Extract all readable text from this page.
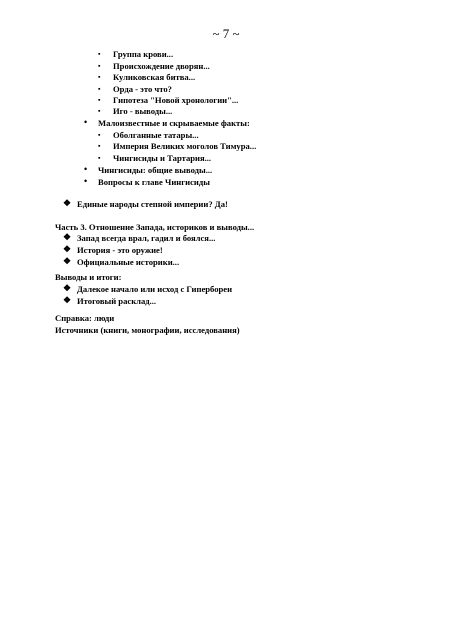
~ 7 ~
▪ Группа крови...
▪ Происхождение дворян...
▪ Куликовская битва...
▪ Орда - это что?
▪ Гипотеза "Новой хронологии"...
▪ Иго - выводы...
• Малоизвестные и скрываемые факты:
▪ Оболганные татары...
▪ Империя Великих моголов Тимура...
▪ Чингисиды и Тартария...
• Чингисиды: общие выводы...
• Вопросы к главе Чингисиды
❖ Единые народы степной империи? Да!
Часть 3. Отношение Запада, историков и выводы...
❖ Запад всегда врал, гадил и боялся...
❖ История - это оружие!
❖ Официальные историки...
Выводы и итоги:
❖ Далекое начало или исход с Гипербореи
❖ Итоговый расклад...
Справка: люди
Источники (книги, монографии, исследования)
